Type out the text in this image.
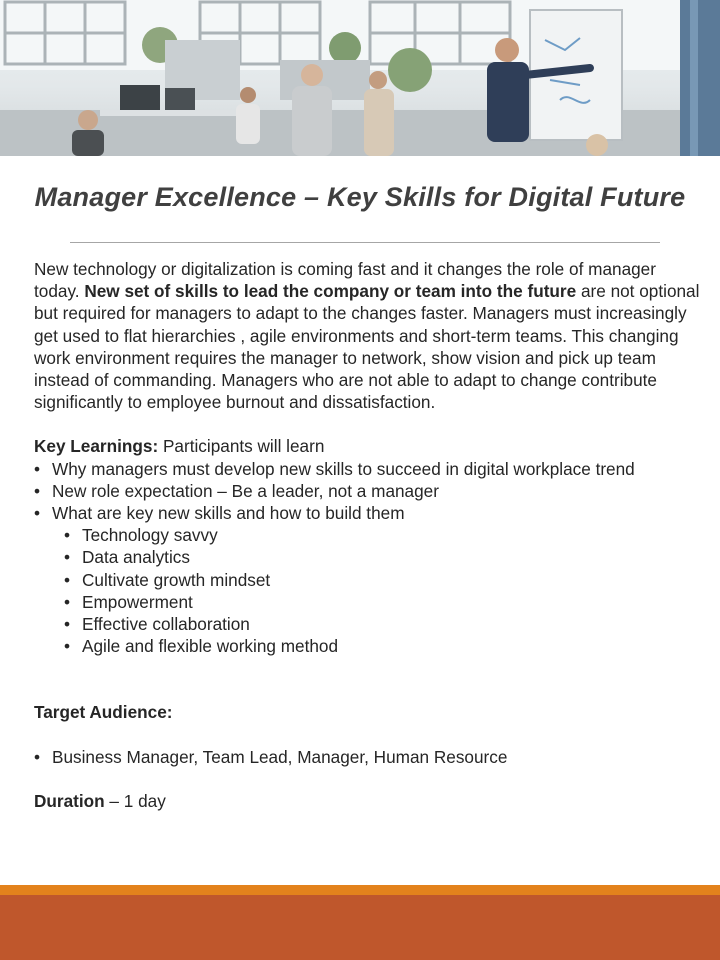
Manager Excellence – Key Skills for Digital Future

New technology or digitalization is coming fast and it changes the role of manager today. New set of skills to lead the company or team into the future are not optional but required for managers to adapt to the changes faster. Managers must increasingly get used to flat hierarchies , agile environments and short-term teams. This changing work environment requires the manager to network, show vision and pick up team instead of commanding. Managers who are not able to adapt to change contribute significantly to employee burnout and dissatisfaction.

Key Learnings: Participants will learn
• Why managers must develop new skills to succeed in digital workplace trend
• New role expectation – Be a leader, not a manager
• What are key new skills and how to build them
• Technology savvy
• Data analytics
• Cultivate growth mindset
• Empowerment
• Effective collaboration
• Agile and flexible working method
Target Audience:
• Business Manager, Team Lead, Manager, Human Resource
Duration – 1 day
